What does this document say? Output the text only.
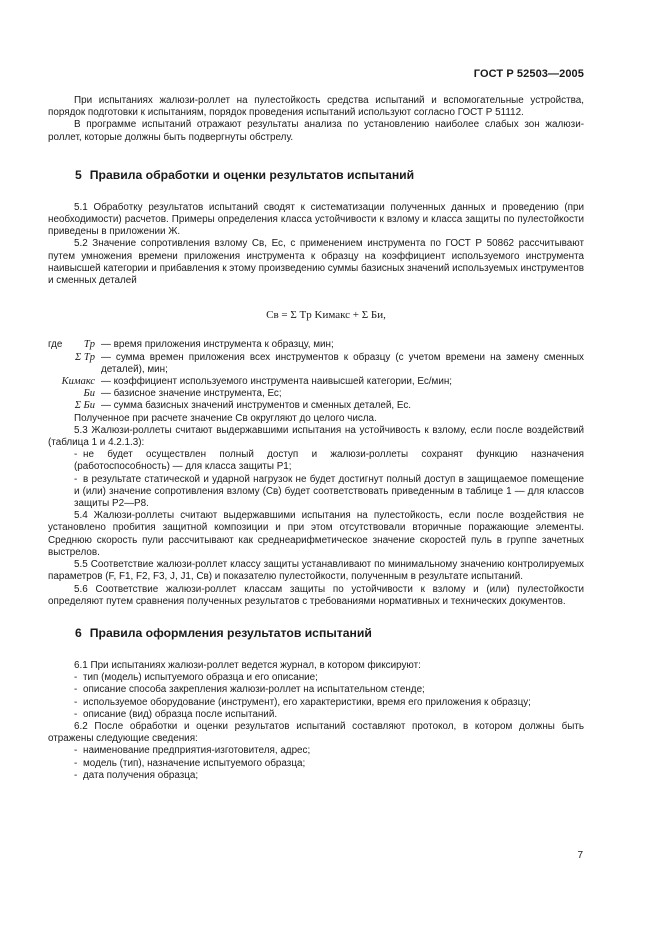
ГОСТ Р 52503—2005

При испытаниях жалюзи-роллет на пулестойкость средства испытаний и вспомогательные устройства, порядок подготовки к испытаниям, порядок проведения испытаний используют согласно ГОСТ Р 51112.

В программе испытаний отражают результаты анализа по установлению наиболее слабых зон жалюзи-роллет, которые должны быть подвергнуты обстрелу.

5 Правила обработки и оценки результатов испытаний

5.1 Обработку результатов испытаний сводят к систематизации полученных данных и проведению (при необходимости) расчетов. Примеры определения класса устойчивости к взлому и класса защиты по пулестойкости приведены в приложении Ж.

5.2 Значение сопротивления взлому Cв, Ес, с применением инструмента по ГОСТ Р 50862 рассчитывают путем умножения времени приложения инструмента к образцу на коэффициент используемого инструмента наивысшей категории и прибавления к этому произведению суммы базисных значений используемых инструментов и сменных деталей

Cв = Σ Tр Kимакс + Σ Би,

где	Tр — время приложения инструмента к образцу, мин;

Σ Tр — сумма времен приложения всех инструментов к образцу (с учетом времени на замену сменных деталей), мин;

Kимакс — коэффициент используемого инструмента наивысшей категории, Ес/мин;

Би — базисное значение инструмента, Ес;

Σ Би — сумма базисных значений инструментов и сменных деталей, Ес.

Полученное при расчете значение Cв округляют до целого числа.

5.3 Жалюзи-роллеты считают выдержавшими испытания на устойчивость к взлому, если после воздействий (таблица 1 и 4.2.1.3):

- не будет осуществлен полный доступ и жалюзи-роллеты сохранят функцию назначения (работоспособность) — для класса защиты Р1;

- в результате статической и ударной нагрузок не будет достигнут полный доступ в защищаемое помещение и (или) значение сопротивления взлому (Cв) будет соответствовать приведенным в таблице 1 — для классов защиты Р2—Р8.

5.4 Жалюзи-роллеты считают выдержавшими испытания на пулестойкость, если после воздействия не установлено пробития защитной композиции и при этом отсутствовали вторичные поражающие элементы. Среднюю скорость пули рассчитывают как среднеарифметическое значение скоростей пуль в группе зачетных выстрелов.

5.5 Соответствие жалюзи-роллет классу защиты устанавливают по минимальному значению контролируемых параметров (F, F1, F2, F3, J, J1, Cв) и показателю пулестойкости, полученным в результате испытаний.

5.6 Соответствие жалюзи-роллет классам защиты по устойчивости к взлому и (или) пулестойкости определяют путем сравнения полученных результатов с требованиями нормативных и технических документов.

6 Правила оформления результатов испытаний

6.1 При испытаниях жалюзи-роллет ведется журнал, в котором фиксируют:

- тип (модель) испытуемого образца и его описание;

- описание способа закрепления жалюзи-роллет на испытательном стенде;

- используемое оборудование (инструмент), его характеристики, время его приложения к образцу;

- описание (вид) образца после испытаний.

6.2 После обработки и оценки результатов испытаний составляют протокол, в котором должны быть отражены следующие сведения:

- наименование предприятия-изготовителя, адрес;

- модель (тип), назначение испытуемого образца;

- дата получения образца;

7
